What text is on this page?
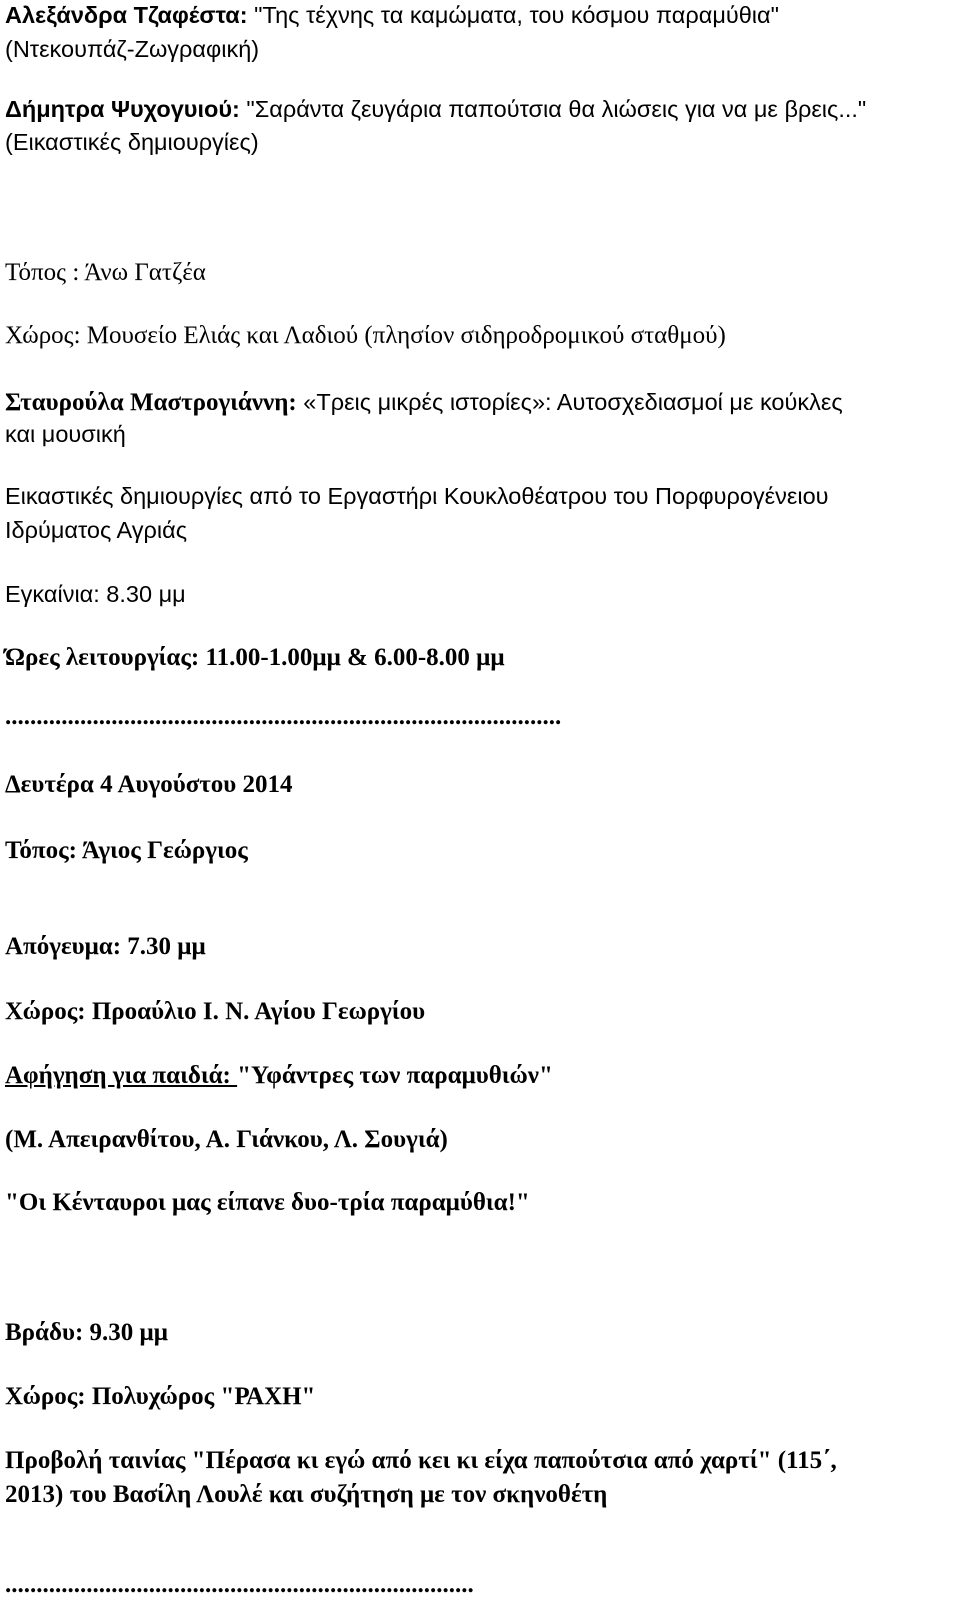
Αλεξάνδρα Τζαφέστα: "Της τέχνης τα καμώματα, του κόσμου παραμύθια"
(Ντεκουπάζ-Ζωγραφική)
Δήμητρα Ψυχογυιού: "Σαράντα ζευγάρια παπούτσια θα λιώσεις για να με βρεις..."
(Εικαστικές δημιουργίες)
Τόπος : Άνω Γατζέα
Χώρος: Μουσείο Ελιάς και Λαδιού (πλησίον σιδηροδρομικού σταθμού)
Σταυρούλα Μαστρογιάννη: «Τρεις μικρές ιστορίες»: Αυτοσχεδιασμοί με κούκλες
και μουσική
Εικαστικές δημιουργίες από το Εργαστήρι Κουκλοθέατρου του Πορφυρογένειου
Ιδρύματος Αγριάς
Εγκαίνια: 8.30 μμ
Ώρες λειτουργίας: 11.00-1.00μμ & 6.00-8.00 μμ
.........................................................................................
Δευτέρα 4 Αυγούστου 2014
Τόπος: Άγιος Γεώργιος
Απόγευμα: 7.30 μμ
Χώρος: Προαύλιο Ι. Ν. Αγίου Γεωργίου
Αφήγηση για παιδιά: "Υφάντρες των παραμυθιών"
(Μ. Απειρανθίτου, Α. Γιάνκου, Λ. Σουγιά)
"Οι Κένταυροι μας είπανε δυο-τρία παραμύθια!"
Βράδυ: 9.30 μμ
Χώρος: Πολυχώρος "ΡΑΧΗ"
Προβολή ταινίας "Πέρασα κι εγώ από κει κι είχα παπούτσια από χαρτί" (115΄,
2013) του Βασίλη Λουλέ και συζήτηση με τον σκηνοθέτη
...........................................................................
